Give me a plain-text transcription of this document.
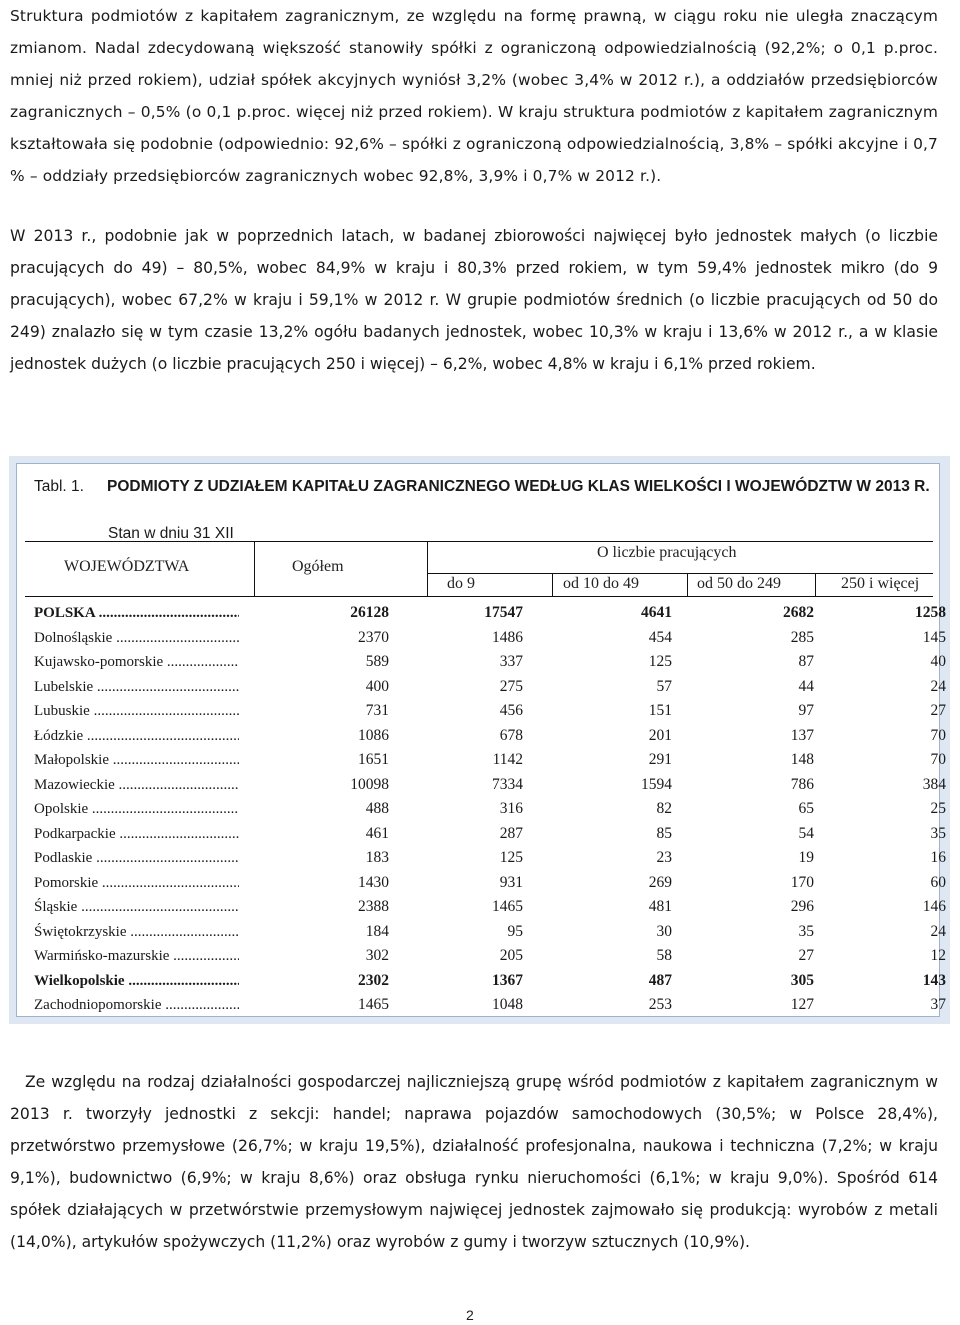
Struktura podmiotów z kapitałem zagranicznym, ze względu na formę prawną, w ciągu roku nie uległa znaczącym zmianom. Nadal zdecydowaną większość stanowiły spółki z ograniczoną odpowiedzialnością (92,2%; o 0,1 p.proc. mniej niż przed rokiem), udział spółek akcyjnych wyniósł 3,2% (wobec 3,4% w 2012 r.), a oddziałów przedsiębiorców zagranicznych – 0,5% (o 0,1 p.proc. więcej niż przed rokiem). W kraju struktura podmiotów z kapitałem zagranicznym kształtowała się podobnie (odpowiednio: 92,6% – spółki z ograniczoną odpowiedzialnością, 3,8% – spółki akcyjne i 0,7 % – oddziały przedsiębiorców zagranicznych wobec 92,8%, 3,9% i 0,7% w 2012 r.).

W 2013 r., podobnie jak w poprzednich latach, w badanej zbiorowości najwięcej było jednostek małych (o liczbie pracujących do 49) – 80,5%, wobec 84,9% w kraju i 80,3% przed rokiem, w tym 59,4% jednostek mikro (do 9 pracujących), wobec 67,2% w kraju i 59,1% w 2012 r. W grupie podmiotów średnich (o liczbie pracujących od 50 do 249) znalazło się w tym czasie 13,2% ogółu badanych jednostek, wobec 10,3% w kraju i 13,6% w 2012 r., a w klasie jednostek dużych (o liczbie pracujących 250 i więcej) – 6,2%, wobec 4,8% w kraju i 6,1% przed rokiem.

Tabl. 1. PODMIOTY Z UDZIAŁEM KAPITAŁU ZAGRANICZNEGO WEDŁUG KLAS WIELKOŚCI I WOJEWÓDZTW W 2013 R.
Stan w dniu 31 XII
WOJEWÓDZTWA	Ogółem
O liczbie pracujących
do 9	od 10 do 49	od 50 do 249	250 i więcej
POLSKA .....	26128	17547	4641	2682	1258
Dolnośląskie .....	2370	1486	454	285	145
Kujawsko-pomorskie .....	589	337	125	87	40
Lubelskie .....	400	275	57	44	24
Lubuskie .....	731	456	151	97	27
Łódzkie .....	1086	678	201	137	70
Małopolskie .....	1651	1142	291	148	70
Mazowieckie .....	10098	7334	1594	786	384
Opolskie .....	488	316	82	65	25
Podkarpackie .....	461	287	85	54	35
Podlaskie .....	183	125	23	19	16
Pomorskie .....	1430	931	269	170	60
Śląskie .....	2388	1465	481	296	146
Świętokrzyskie .....	184	95	30	35	24
Warmińsko-mazurskie .....	302	205	58	27	12
Wielkopolskie .....	2302	1367	487	305	143
Zachodniopomorskie .....	1465	1048	253	127	37

Ze względu na rodzaj działalności gospodarczej najliczniejszą grupę wśród podmiotów z kapitałem zagranicznym w 2013 r. tworzyły jednostki z sekcji: handel; naprawa pojazdów samochodowych (30,5%; w Polsce 28,4%), przetwórstwo przemysłowe (26,7%; w kraju 19,5%), działalność profesjonalna, naukowa i techniczna (7,2%; w kraju 9,1%), budownictwo (6,9%; w kraju 8,6%) oraz obsługa rynku nieruchomości (6,1%; w kraju 9,0%). Spośród 614 spółek działających w przetwórstwie przemysłowym najwięcej jednostek zajmowało się produkcją: wyrobów z metali (14,0%), artykułów spożywczych (11,2%) oraz wyrobów z gumy i tworzyw sztucznych (10,9%).

2
